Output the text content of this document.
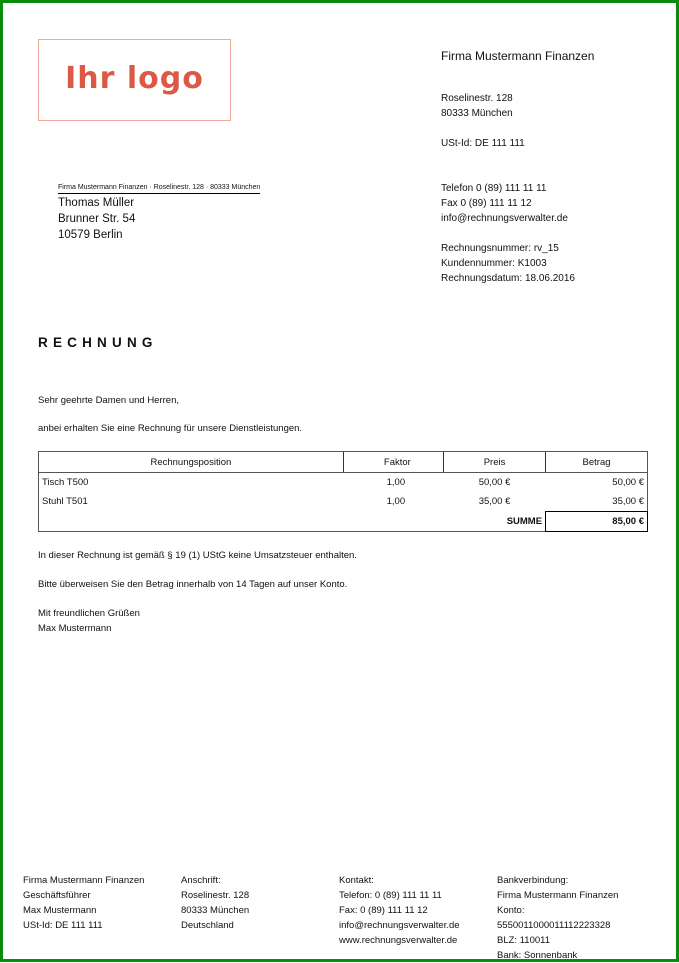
Ihr logo
Firma Mustermann Finanzen
Roselinestr. 128
80333 München
USt-Id: DE 111 111
Telefon 0 (89) 111 11 11
Fax 0 (89) 111 11 12
info@rechnungsverwalter.de
Rechnungsnummer: rv_15
Kundennummer: K1003
Rechnungsdatum: 18.06.2016
Firma Mustermann Finanzen · Roselinestr. 128 · 80333 München
Thomas Müller
Brunner Str. 54
10579 Berlin
RECHNUNG
Sehr geehrte Damen und Herren,
anbei erhalten Sie eine Rechnung für unsere Dienstleistungen.
Rechnungsposition	Faktor	Preis	Betrag
Tisch T500	1,00	50,00 €	50,00 €
Stuhl T501	1,00	35,00 €	35,00 €
		SUMME	85,00 €
In dieser Rechnung ist gemäß § 19 (1) UStG keine Umsatzsteuer enthalten.
Bitte überweisen Sie den Betrag innerhalb von 14 Tagen auf unser Konto.
Mit freundlichen Grüßen
Max Mustermann
Firma Mustermann Finanzen
Geschäftsführer
Max Mustermann
USt-Id: DE 111 111
Anschrift:
Roselinestr. 128
80333 München
Deutschland
Kontakt:
Telefon: 0 (89) 111 11 11
Fax: 0 (89) 111 11 12
info@rechnungsverwalter.de
www.rechnungsverwalter.de
Bankverbindung:
Firma Mustermann Finanzen
Konto:
5550011000011112223328
BLZ: 110011
Bank: Sonnenbank
